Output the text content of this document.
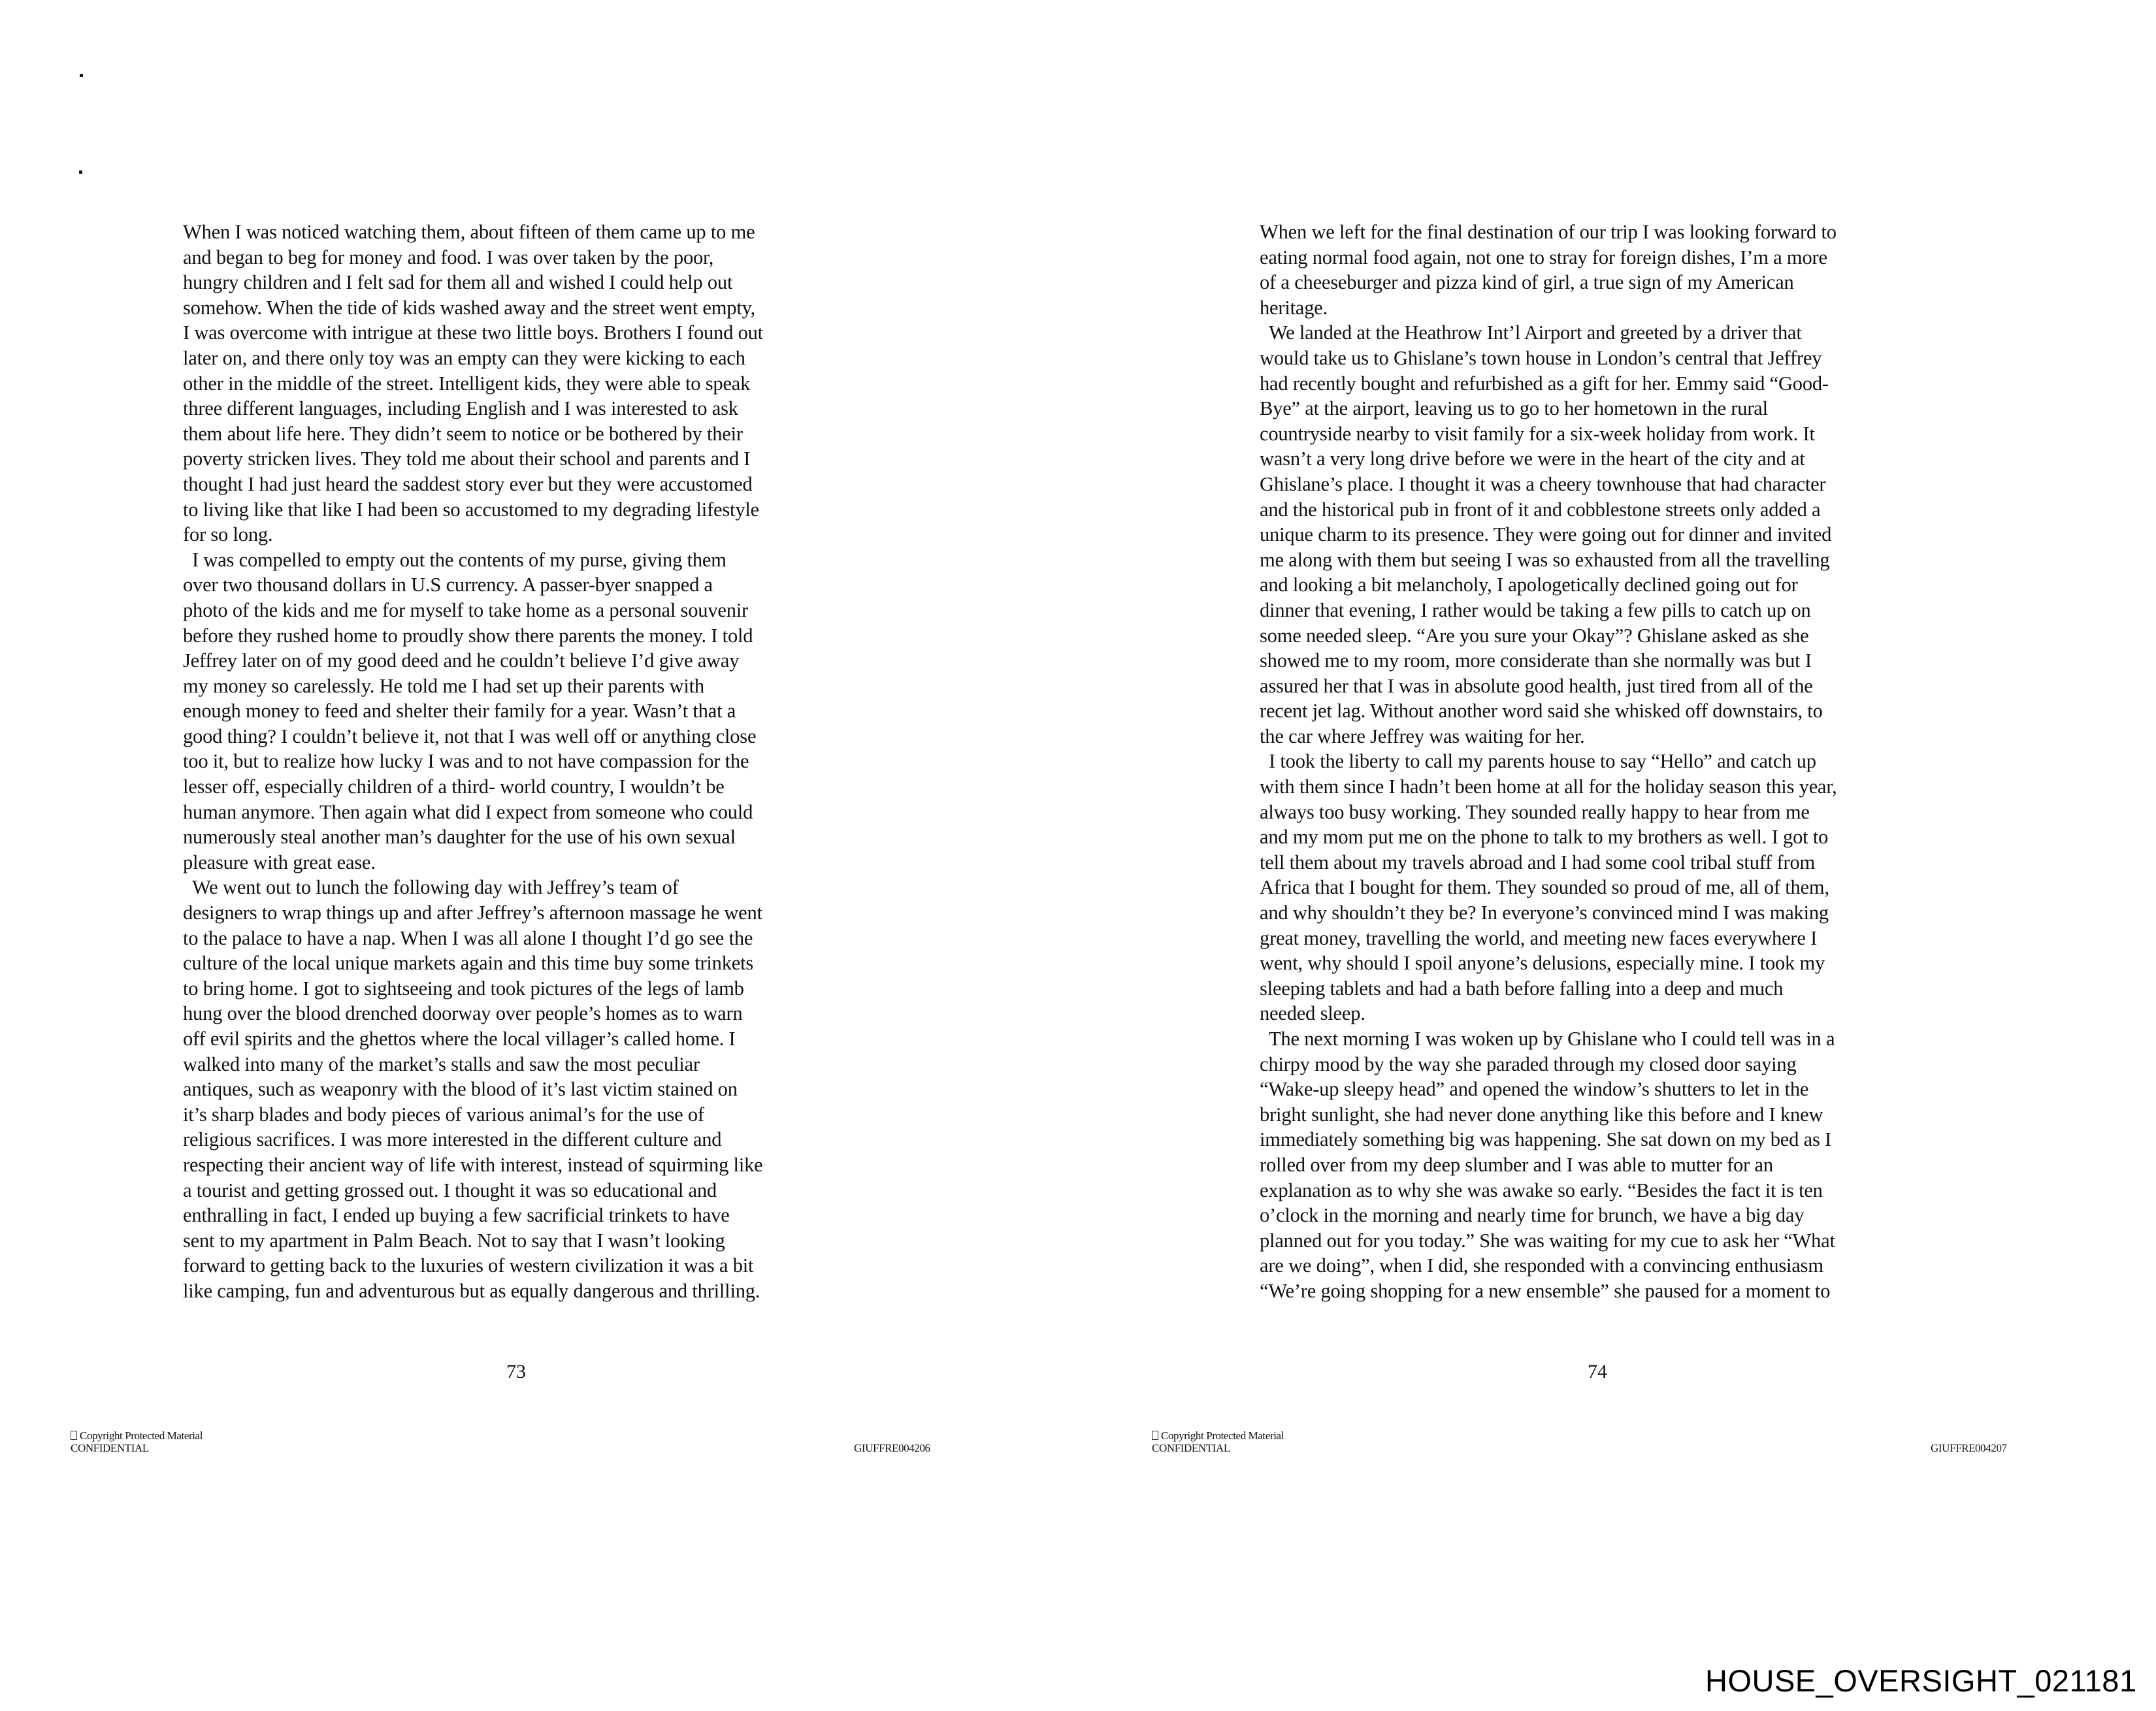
When I was noticed watching them, about fifteen of them came up to me
and began to beg for money and food. I was over taken by the poor,
hungry children and I felt sad for them all and wished I could help out
somehow. When the tide of kids washed away and the street went empty,
I was overcome with intrigue at these two little boys. Brothers I found out
later on, and there only toy was an empty can they were kicking to each
other in the middle of the street. Intelligent kids, they were able to speak
three different languages, including English and I was interested to ask
them about life here. They didn’t seem to notice or be bothered by their
poverty stricken lives. They told me about their school and parents and I
thought I had just heard the saddest story ever but they were accustomed
to living like that like I had been so accustomed to my degrading lifestyle
for so long.
I was compelled to empty out the contents of my purse, giving them
over two thousand dollars in U.S currency. A passer-byer snapped a
photo of the kids and me for myself to take home as a personal souvenir
before they rushed home to proudly show there parents the money. I told
Jeffrey later on of my good deed and he couldn’t believe I’d give away
my money so carelessly. He told me I had set up their parents with
enough money to feed and shelter their family for a year. Wasn’t that a
good thing? I couldn’t believe it, not that I was well off or anything close
too it, but to realize how lucky I was and to not have compassion for the
lesser off, especially children of a third- world country, I wouldn’t be
human anymore. Then again what did I expect from someone who could
numerously steal another man’s daughter for the use of his own sexual
pleasure with great ease.
We went out to lunch the following day with Jeffrey’s team of
designers to wrap things up and after Jeffrey’s afternoon massage he went
to the palace to have a nap. When I was all alone I thought I’d go see the
culture of the local unique markets again and this time buy some trinkets
to bring home. I got to sightseeing and took pictures of the legs of lamb
hung over the blood drenched doorway over people’s homes as to warn
off evil spirits and the ghettos where the local villager’s called home. I
walked into many of the market’s stalls and saw the most peculiar
antiques, such as weaponry with the blood of it’s last victim stained on
it’s sharp blades and body pieces of various animal’s for the use of
religious sacrifices. I was more interested in the different culture and
respecting their ancient way of life with interest, instead of squirming like
a tourist and getting grossed out. I thought it was so educational and
enthralling in fact, I ended up buying a few sacrificial trinkets to have
sent to my apartment in Palm Beach. Not to say that I wasn’t looking
forward to getting back to the luxuries of western civilization it was a bit
like camping, fun and adventurous but as equally dangerous and thrilling.
73
Copyright Protected Material
CONFIDENTIAL	GIUFFRE004206
When we left for the final destination of our trip I was looking forward to
eating normal food again, not one to stray for foreign dishes, I’m a more
of a cheeseburger and pizza kind of girl, a true sign of my American
heritage.
We landed at the Heathrow Int’l Airport and greeted by a driver that
would take us to Ghislane’s town house in London’s central that Jeffrey
had recently bought and refurbished as a gift for her. Emmy said “Good-
Bye” at the airport, leaving us to go to her hometown in the rural
countryside nearby to visit family for a six-week holiday from work. It
wasn’t a very long drive before we were in the heart of the city and at
Ghislane’s place. I thought it was a cheery townhouse that had character
and the historical pub in front of it and cobblestone streets only added a
unique charm to its presence. They were going out for dinner and invited
me along with them but seeing I was so exhausted from all the travelling
and looking a bit melancholy, I apologetically declined going out for
dinner that evening, I rather would be taking a few pills to catch up on
some needed sleep. “Are you sure your Okay”? Ghislane asked as she
showed me to my room, more considerate than she normally was but I
assured her that I was in absolute good health, just tired from all of the
recent jet lag. Without another word said she whisked off downstairs, to
the car where Jeffrey was waiting for her.
I took the liberty to call my parents house to say “Hello” and catch up
with them since I hadn’t been home at all for the holiday season this year,
always too busy working. They sounded really happy to hear from me
and my mom put me on the phone to talk to my brothers as well. I got to
tell them about my travels abroad and I had some cool tribal stuff from
Africa that I bought for them. They sounded so proud of me, all of them,
and why shouldn’t they be? In everyone’s convinced mind I was making
great money, travelling the world, and meeting new faces everywhere I
went, why should I spoil anyone’s delusions, especially mine. I took my
sleeping tablets and had a bath before falling into a deep and much
needed sleep.
The next morning I was woken up by Ghislane who I could tell was in a
chirpy mood by the way she paraded through my closed door saying
“Wake-up sleepy head” and opened the window’s shutters to let in the
bright sunlight, she had never done anything like this before and I knew
immediately something big was happening. She sat down on my bed as I
rolled over from my deep slumber and I was able to mutter for an
explanation as to why she was awake so early. “Besides the fact it is ten
o’clock in the morning and nearly time for brunch, we have a big day
planned out for you today.” She was waiting for my cue to ask her “What
are we doing”, when I did, she responded with a convincing enthusiasm
“We’re going shopping for a new ensemble” she paused for a moment to
74
Copyright Protected Material
CONFIDENTIAL	GIUFFRE004207
HOUSE_OVERSIGHT_021181
